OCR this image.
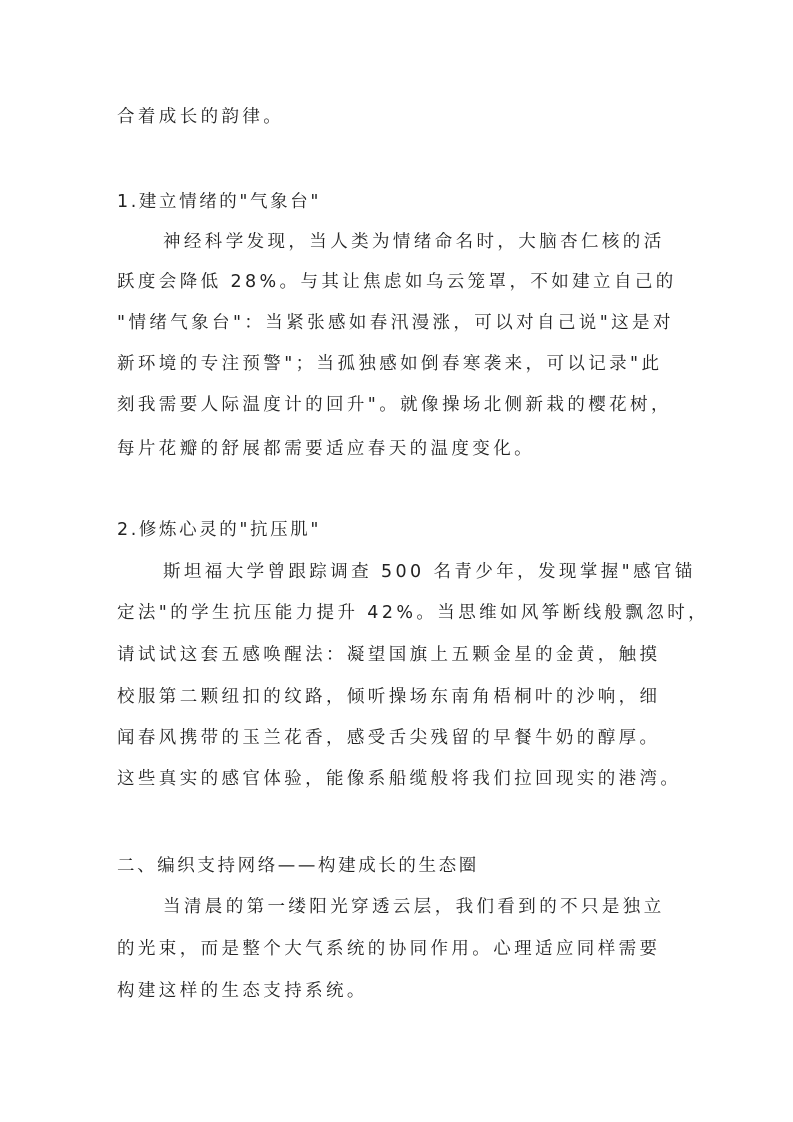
合着成长的韵律。
1.建立情绪的"气象台"
神经科学发现，当人类为情绪命名时，大脑杏仁核的活
跃度会降低 28%。与其让焦虑如乌云笼罩，不如建立自己的
"情绪气象台"：当紧张感如春汛漫涨，可以对自己说"这是对
新环境的专注预警"；当孤独感如倒春寒袭来，可以记录"此
刻我需要人际温度计的回升"。就像操场北侧新栽的樱花树，
每片花瓣的舒展都需要适应春天的温度变化。
2.修炼心灵的"抗压肌"
斯坦福大学曾跟踪调查 500 名青少年，发现掌握"感官锚
定法"的学生抗压能力提升 42%。当思维如风筝断线般飘忽时，
请试试这套五感唤醒法：凝望国旗上五颗金星的金黄，触摸
校服第二颗纽扣的纹路，倾听操场东南角梧桐叶的沙响，细
闻春风携带的玉兰花香，感受舌尖残留的早餐牛奶的醇厚。
这些真实的感官体验，能像系船缆般将我们拉回现实的港湾。
二、编织支持网络——构建成长的生态圈
当清晨的第一缕阳光穿透云层，我们看到的不只是独立
的光束，而是整个大气系统的协同作用。心理适应同样需要
构建这样的生态支持系统。
